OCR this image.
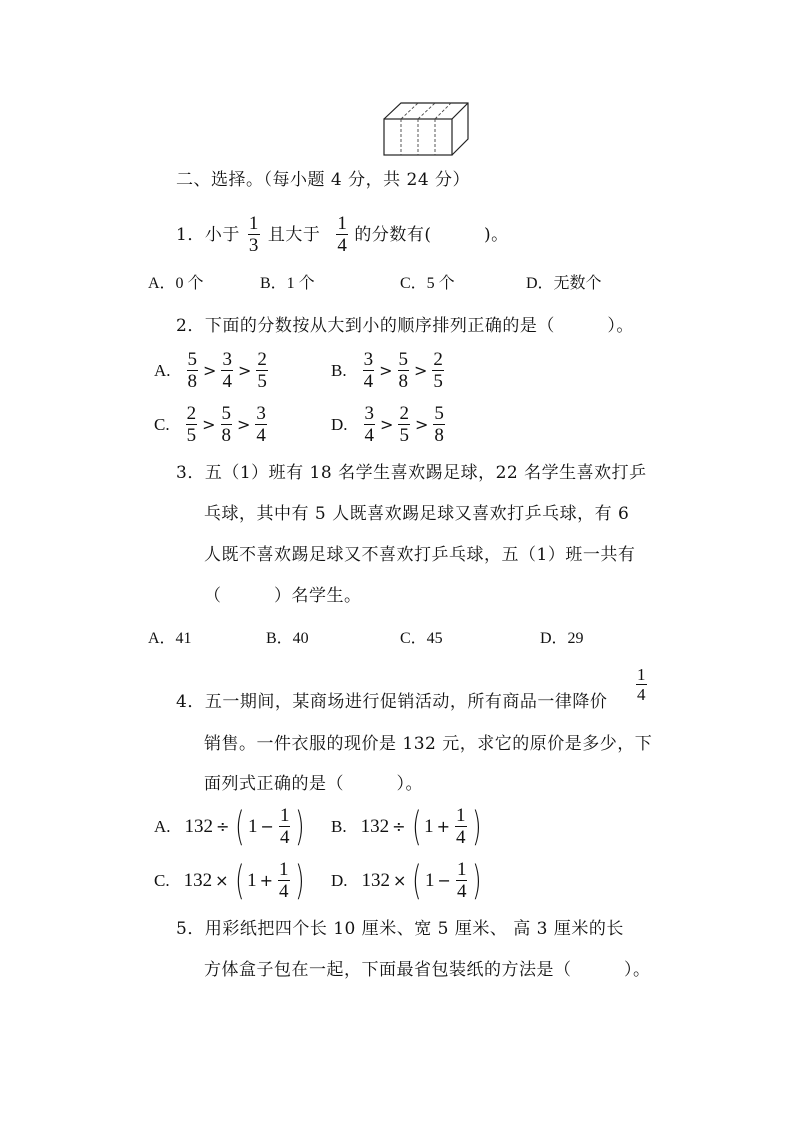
二、选择。（每小题 4 分，共 24 分）
1． 小于 $\frac{1}{3}$ 且大于 $\frac{1}{4}$ 的分数有(　　　)。
A．0 个	B．1 个	C．5 个	D．无数个
2．下面的分数按从大到小的顺序排列正确的是（　　　）。
A. $\frac{5}{8} > \frac{3}{4} > \frac{2}{5}$	B. $\frac{3}{4} > \frac{5}{8} > \frac{2}{5}$
C. $\frac{2}{5} > \frac{5}{8} > \frac{3}{4}$	D. $\frac{3}{4} > \frac{2}{5} > \frac{5}{8}$
3．五（1）班有 18 名学生喜欢踢足球，22 名学生喜欢打乒
乓球，其中有 5 人既喜欢踢足球又喜欢打乒乓球，有 6
人既不喜欢踢足球又不喜欢打乒乓球，五（1）班一共有
（　　　）名学生。
A．41	B．40	C．45	D．29
4．五一期间，某商场进行促销活动，所有商品一律降价 $\frac{1}{4}$
销售。一件衣服的现价是 132 元，求它的原价是多少，下
面列式正确的是（　　　）。
A. 132 ÷ ( $1 - \frac{1}{4}$ ) B. 132 ÷ ( $1 + \frac{1}{4}$ )
C. 132 × ( $1 + \frac{1}{4}$ ) D. 132 × ( $1 - \frac{1}{4}$ )
5．用彩纸把四个长 10 厘米、宽 5 厘米、 高 3 厘米的长
方体盒子包在一起，下面最省包装纸的方法是（　　　）。
